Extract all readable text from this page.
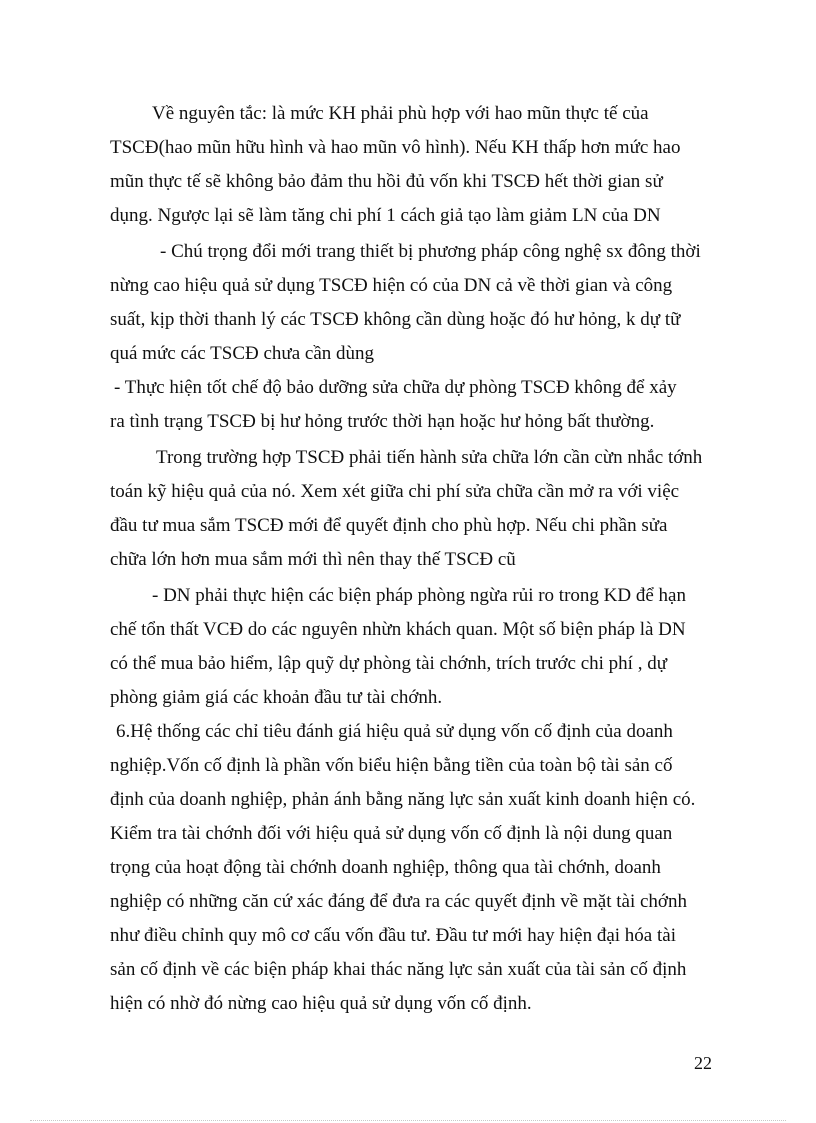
Về nguyên tắc: là mức KH phải phù hợp với hao mũn thực tế của
TSCĐ(hao mũn hữu hình và hao mũn vô hình). Nếu KH thấp hơn mức hao
mũn thực tế sẽ không bảo đảm thu hồi đủ vốn khi TSCĐ hết thời gian sử
dụng. Ngược lại sẽ làm tăng chi phí 1 cách giả tạo làm giảm LN của DN
- Chú trọng đổi mới trang thiết bị phương pháp công nghệ sx đông thời
nừng cao hiệu quả sử dụng TSCĐ hiện có của DN cả về thời gian và công
suất, kịp thời thanh lý các TSCĐ không cần dùng hoặc đó hư hỏng, k dự tữ
quá mức các TSCĐ chưa cần dùng
- Thực hiện tốt chế độ bảo dưỡng sửa chữa dự phòng TSCĐ không để xảy
ra tình trạng TSCĐ bị hư hỏng trước thời hạn hoặc hư hỏng bất thường.
Trong trường hợp TSCĐ phải tiến hành sửa chữa lớn cần cừn nhắc tớnh
toán kỹ hiệu quả của nó. Xem xét giữa chi phí sửa chữa cần mở ra với việc
đầu tư mua sắm TSCĐ mới để quyết định cho phù hợp. Nếu chi phần sửa
chữa lớn hơn mua sắm mới thì nên thay thế TSCĐ cũ
- DN phải thực hiện các biện pháp phòng ngừa rủi ro trong KD để hạn
chế tổn thất VCĐ do các nguyên nhừn khách quan. Một số biện pháp là DN
có thể mua bảo hiểm, lập quỹ dự phòng tài chớnh, trích trước chi phí , dự
phòng giảm giá các khoản đầu tư tài chớnh.
6.Hệ thống các chỉ tiêu đánh giá hiệu quả sử dụng vốn cố định của doanh
nghiệp.Vốn cố định là phần vốn biểu hiện bằng tiền của toàn bộ tài sản cố
định của doanh nghiệp, phản ánh bằng năng lực sản xuất kinh doanh hiện có.
Kiểm tra tài chớnh đối với hiệu quả sử dụng vốn cố định là nội dung quan
trọng của hoạt động tài chớnh doanh nghiệp, thông qua tài chớnh, doanh
nghiệp có những căn cứ xác đáng để đưa ra các quyết định về mặt tài chớnh
như điều chỉnh quy mô cơ cấu vốn đầu tư. Đầu tư mới hay hiện đại hóa tài
sản cố định về các biện pháp khai thác năng lực sản xuất của tài sản cố định
hiện có nhờ đó nừng cao hiệu quả sử dụng vốn cố định.
22
